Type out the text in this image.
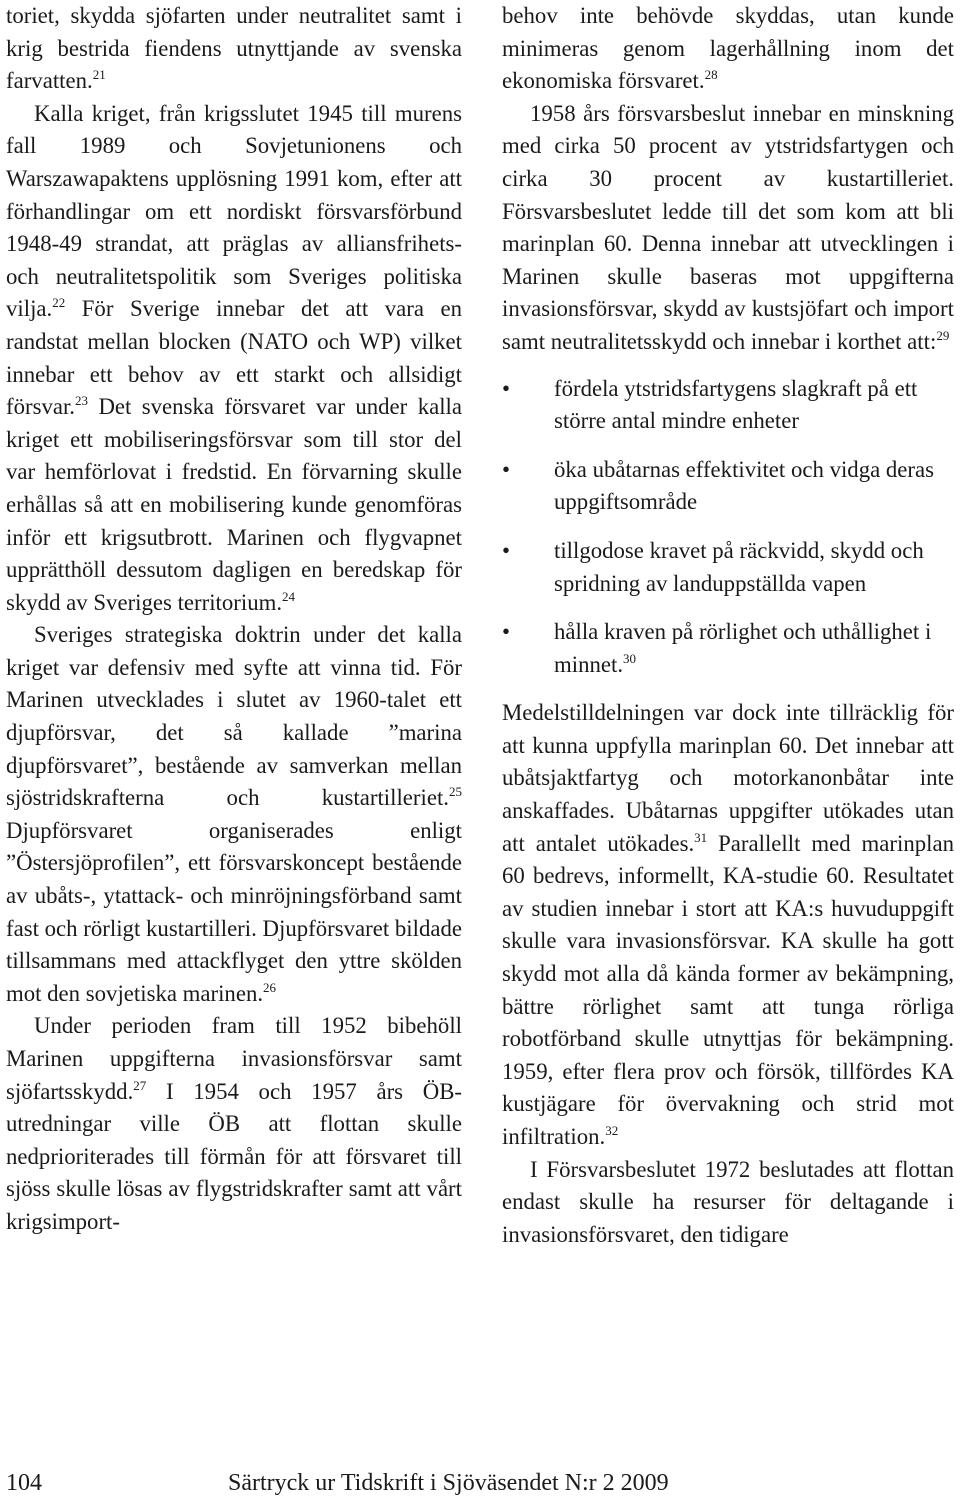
toriet, skydda sjöfarten under neutralitet samt i krig bestrida fiendens utnyttjande av svenska farvatten.$^{21}$

Kalla kriget, från krigsslutet 1945 till murens fall 1989 och Sovjetunionens och Warszawapaktens upplösning 1991 kom, efter att förhandlingar om ett nordiskt försvarsförbund 1948-49 strandat, att präglas av alliansfrihets- och neutralitetspolitik som Sveriges politiska vilja.$^{22}$ För Sverige innebar det att vara en randstat mellan blocken (NATO och WP) vilket innebar ett behov av ett starkt och allsidigt försvar.$^{23}$ Det svenska försvaret var under kalla kriget ett mobiliseringsförsvar som till stor del var hemförlovat i fredstid. En förvarning skulle erhållas så att en mobilisering kunde genomföras inför ett krigsutbrott. Marinen och flygvapnet upprätthöll dessutom dagligen en beredskap för skydd av Sveriges territorium.$^{24}$

Sveriges strategiska doktrin under det kalla kriget var defensiv med syfte att vinna tid. För Marinen utvecklades i slutet av 1960-talet ett djupförsvar, det så kallade ”marina djupförsvaret”, bestående av samverkan mellan sjöstridskrafterna och kustartilleriet.$^{25}$ Djupförsvaret organiserades enligt ”Östersjöprofilen”, ett försvarskoncept bestående av ubåts-, ytattack- och minröjningsförband samt fast och rörligt kustartilleri. Djupförsvaret bildade tillsammans med attackflyget den yttre skölden mot den sovjetiska marinen.$^{26}$

Under perioden fram till 1952 bibehöll Marinen uppgifterna invasionsförsvar samt sjöfartsskydd.$^{27}$ I 1954 och 1957 års ÖB-utredningar ville ÖB att flottan skulle nedprioriterades till förmån för att försvaret till sjöss skulle lösas av flygstridskrafter samt att vårt krigsimport-

behov inte behövde skyddas, utan kunde minimeras genom lagerhållning inom det ekonomiska försvaret.$^{28}$

1958 års försvarsbeslut innebar en minskning med cirka 50 procent av ytstridsfartygen och cirka 30 procent av kustartilleriet. Försvarsbeslutet ledde till det som kom att bli marinplan 60. Denna innebar att utvecklingen i Marinen skulle baseras mot uppgifterna invasionsförsvar, skydd av kustsjöfart och import samt neutralitetsskydd och innebar i korthet att:$^{29}$

• fördela ytstridsfartygens slagkraft på ett större antal mindre enheter
• öka ubåtarnas effektivitet och vidga deras uppgiftsområde
• tillgodose kravet på räckvidd, skydd och spridning av landuppställda vapen
• hålla kraven på rörlighet och uthållighet i minnet.$^{30}$

Medelstilldelningen var dock inte tillräcklig för att kunna uppfylla marinplan 60. Det innebar att ubåtsjaktfartyg och motorkanonbåtar inte anskaffades. Ubåtarnas uppgifter utökades utan att antalet utökades.$^{31}$ Parallellt med marinplan 60 bedrevs, informellt, KA-studie 60. Resultatet av studien innebar i stort att KA:s huvuduppgift skulle vara invasionsförsvar. KA skulle ha gott skydd mot alla då kända former av bekämpning, bättre rörlighet samt att tunga rörliga robotförband skulle utnyttjas för bekämpning. 1959, efter flera prov och försök, tillfördes KA kustjägare för övervakning och strid mot infiltration.$^{32}$

I Försvarsbeslutet 1972 beslutades att flottan endast skulle ha resurser för deltagande i invasionsförsvaret, den tidigare

104	Särtryck ur Tidskrift i Sjöväsendet N:r 2 2009
